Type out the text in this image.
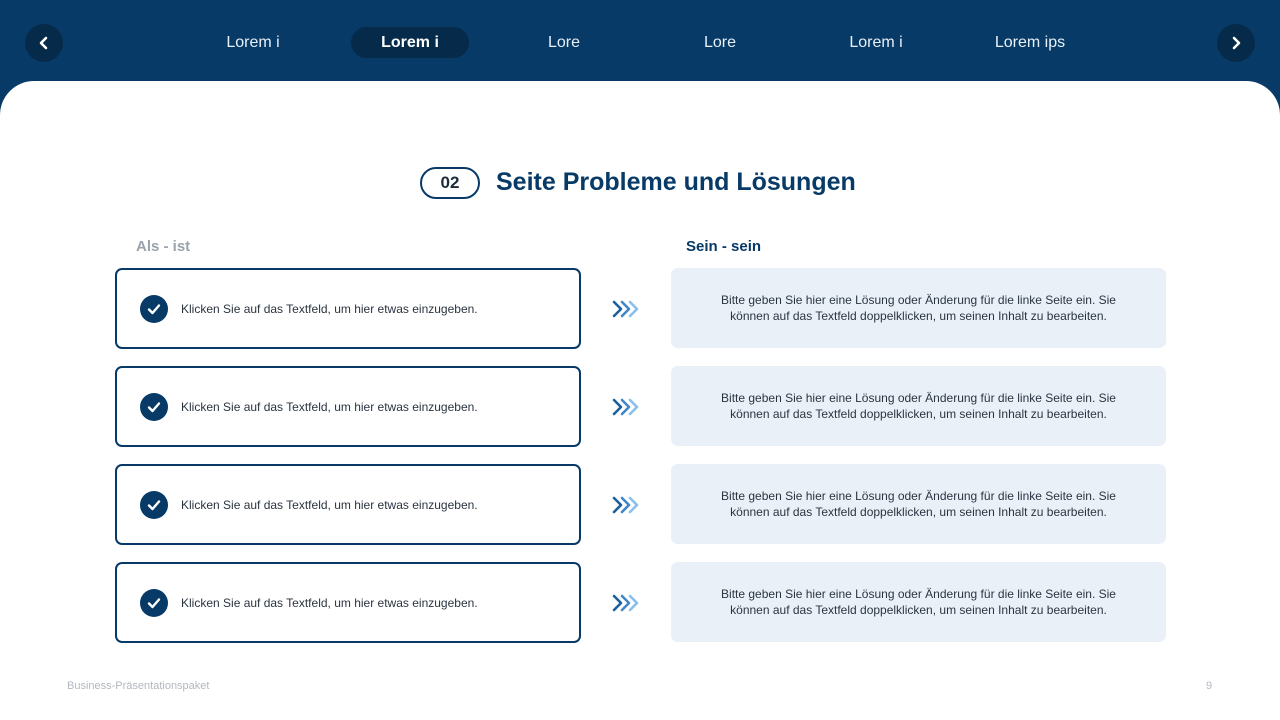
Lorem i	Lorem i	Lore	Lore	Lorem i	Lorem ips
02	Seite Probleme und Lösungen
Als - ist	Sein - sein
Klicken Sie auf das Textfeld, um hier etwas einzugeben.
Bitte geben Sie hier eine Lösung oder Änderung für die linke Seite ein. Sie können auf das Textfeld doppelklicken, um seinen Inhalt zu bearbeiten.
Klicken Sie auf das Textfeld, um hier etwas einzugeben.
Bitte geben Sie hier eine Lösung oder Änderung für die linke Seite ein. Sie können auf das Textfeld doppelklicken, um seinen Inhalt zu bearbeiten.
Klicken Sie auf das Textfeld, um hier etwas einzugeben.
Bitte geben Sie hier eine Lösung oder Änderung für die linke Seite ein. Sie können auf das Textfeld doppelklicken, um seinen Inhalt zu bearbeiten.
Klicken Sie auf das Textfeld, um hier etwas einzugeben.
Bitte geben Sie hier eine Lösung oder Änderung für die linke Seite ein. Sie können auf das Textfeld doppelklicken, um seinen Inhalt zu bearbeiten.
Business-Präsentationspaket	9
